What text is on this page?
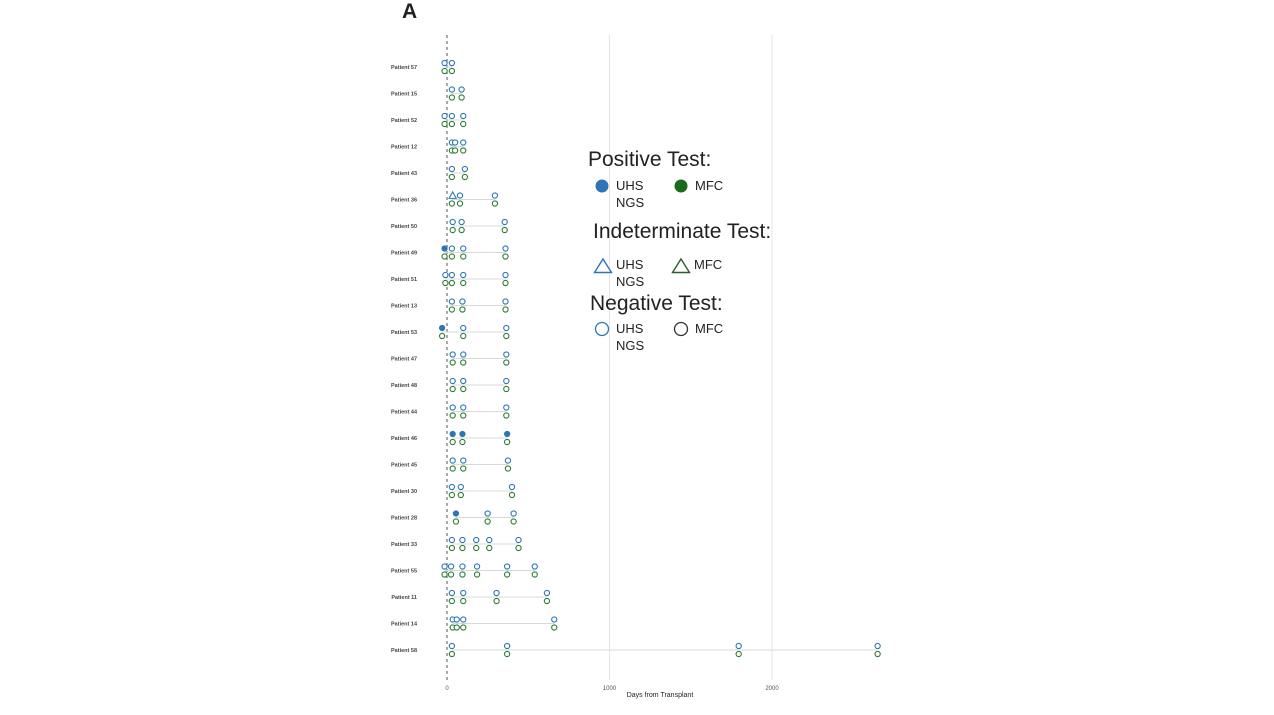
A
Patient 57
Patient 15
Patient 52
Patient 12
Patient 43
Patient 36
Patient 50
Patient 49
Patient 51
Patient 13
Patient 53
Patient 47
Patient 48
Patient 44
Patient 46
Patient 45
Patient 30
Patient 28
Patient 33
Patient 55
Patient 11
Patient 14
Patient 58
0	1000	2000
Days from Transplant
Positive Test:
UHS NGS
MFC
Indeterminate Test:
UHS NGS
MFC
Negative Test:
UHS NGS
MFC
